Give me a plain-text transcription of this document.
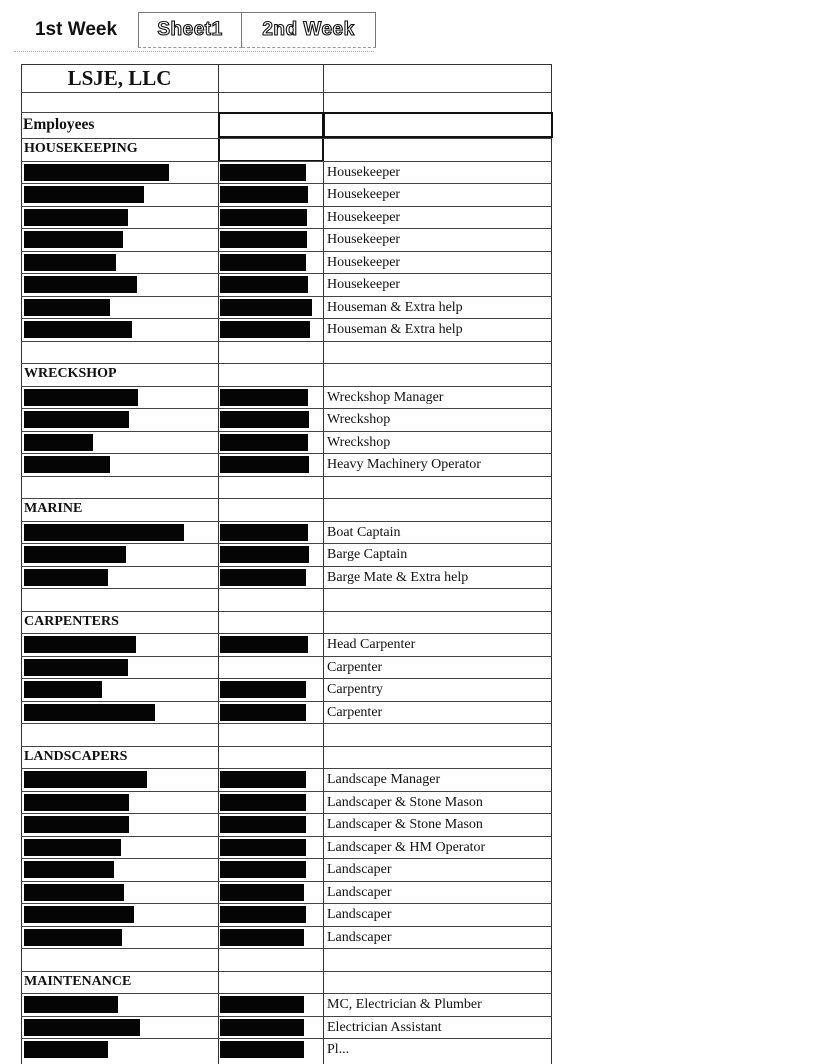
1st Week	Sheet1	2nd Week
LSJE, LLC
Employees
HOUSEKEEPING
Housekeeper
Housekeeper
Housekeeper
Housekeeper
Housekeeper
Housekeeper
Houseman & Extra help
Houseman & Extra help
WRECKSHOP
Wreckshop Manager
Wreckshop
Wreckshop
Heavy Machinery Operator
MARINE
Boat Captain
Barge Captain
Barge Mate & Extra help
CARPENTERS
Head Carpenter
Carpenter
Carpentry
Carpenter
LANDSCAPERS
Landscape Manager
Landscaper & Stone Mason
Landscaper & Stone Mason
Landscaper & HM Operator
Landscaper
Landscaper
Landscaper
Landscaper
MAINTENANCE
MC, Electrician & Plumber
Electrician Assistant
Pl...
